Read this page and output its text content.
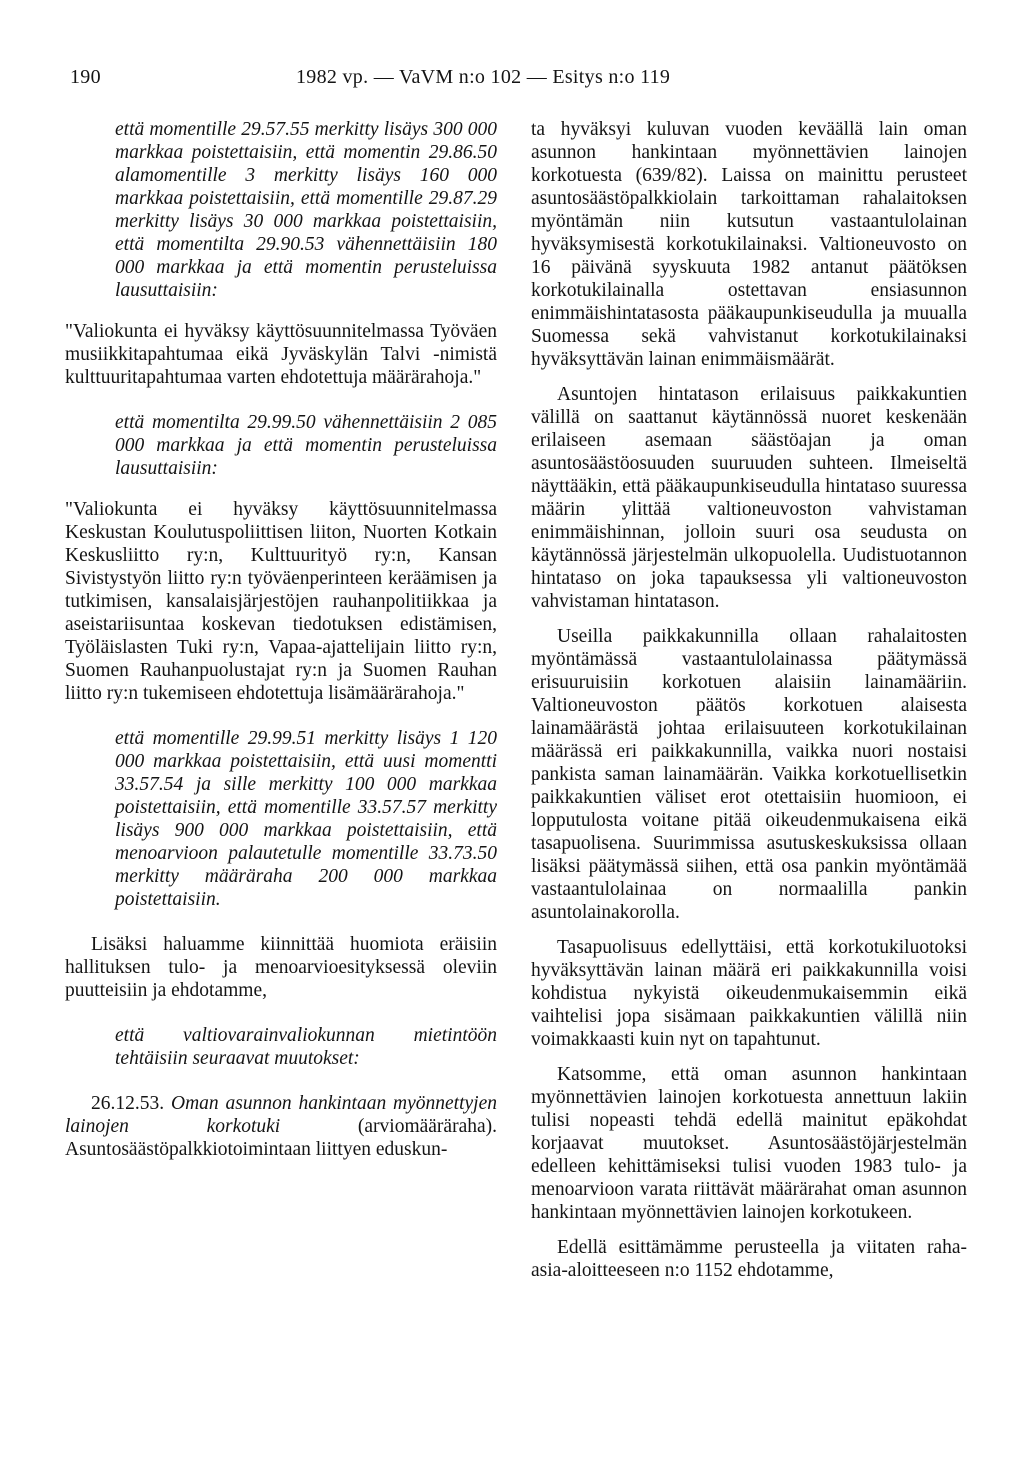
190	1982 vp. — VaVM n:o 102 — Esitys n:o 119

että momentille 29.57.55 merkitty lisäys 300 000 markkaa poistettaisiin, että momentin 29.86.50 alamomentille 3 merkitty lisäys 160 000 markkaa poistettaisiin, että momentille 29.87.29 merkitty lisäys 30 000 markkaa poistettaisiin, että momentilta 29.90.53 vähennettäisiin 180 000 markkaa ja että momentin perusteluissa lausuttaisiin:

"Valiokunta ei hyväksy käyttösuunnitelmassa Työväen musiikkitapahtumaa eikä Jyväskylän Talvi -nimistä kulttuuritapahtumaa varten ehdotettuja määrärahoja."

että momentilta 29.99.50 vähennettäisiin 2 085 000 markkaa ja että momentin perusteluissa lausuttaisiin:

"Valiokunta ei hyväksy käyttösuunnitelmassa Keskustan Koulutuspoliittisen liiton, Nuorten Kotkain Keskusliitto ry:n, Kulttuurityö ry:n, Kansan Sivistystyön liitto ry:n työväenperinteen keräämisen ja tutkimisen, kansalaisjärjestöjen rauhanpolitiikkaa ja aseistariisuntaa koskevan tiedotuksen edistämisen, Työläislasten Tuki ry:n, Vapaa-ajattelijain liitto ry:n, Suomen Rauhanpuolustajat ry:n ja Suomen Rauhan liitto ry:n tukemiseen ehdotettuja lisämäärärahoja."

että momentille 29.99.51 merkitty lisäys 1 120 000 markkaa poistettaisiin, että uusi momentti 33.57.54 ja sille merkitty 100 000 markkaa poistettaisiin, että momentille 33.57.57 merkitty lisäys 900 000 markkaa poistettaisiin, että menoarvioon palautetulle momentille 33.73.50 merkitty määräraha 200 000 markkaa poistettaisiin.

Lisäksi haluamme kiinnittää huomiota eräisiin hallituksen tulo- ja menoarvioesityksessä oleviin puutteisiin ja ehdotamme,

että valtiovarainvaliokunnan mietintöön tehtäisiin seuraavat muutokset:

26.12.53. Oman asunnon hankintaan myönnettyjen lainojen korkotuki	(arviomääräraha). Asuntosäästöpalkkiotoimintaan liittyen eduskun-

ta hyväksyi kuluvan vuoden keväällä lain oman asunnon hankintaan myönnettävien lainojen korkotuesta (639/82). Laissa on mainittu perusteet asuntosäästöpalkkiolain tarkoittaman rahalaitoksen myöntämän niin kutsutun vastaantulolainan hyväksymisestä korkotukilainaksi. Valtioneuvosto on 16 päivänä syyskuuta 1982 antanut päätöksen korkotukilainalla ostettavan ensiasunnon enimmäishintatasosta pääkaupunkiseudulla ja muualla Suomessa sekä vahvistanut korkotukilainaksi hyväksyttävän lainan enimmäismäärät.

Asuntojen hintatason erilaisuus paikkakuntien välillä on saattanut käytännössä nuoret keskenään erilaiseen asemaan säästöajan ja oman asuntosäästöosuuden suuruuden suhteen. Ilmeiseltä näyttääkin, että pääkaupunkiseudulla hintataso suuressa määrin ylittää valtioneuvoston vahvistaman enimmäishinnan, jolloin suuri osa seudusta on käytännössä järjestelmän ulkopuolella. Uudistuotannon hintataso on joka tapauksessa yli valtioneuvoston vahvistaman hintatason.

Useilla paikkakunnilla ollaan rahalaitosten myöntämässä vastaantulolainassa päätymässä erisuuruisiin korkotuen alaisiin lainamääriin. Valtioneuvoston päätös korkotuen alaisesta lainamäärästä johtaa erilaisuuteen korkotukilainan määrässä eri paikkakunnilla, vaikka nuori nostaisi pankista saman lainamäärän. Vaikka korkotuellisetkin paikkakuntien väliset erot otettaisiin huomioon, ei lopputulosta voitane pitää oikeudenmukaisena eikä tasapuolisena. Suurimmissa asutuskeskuksissa ollaan lisäksi päätymässä siihen, että osa pankin myöntämää vastaantulolainaa on normaalilla pankin asuntolainakorolla.

Tasapuolisuus edellyttäisi, että korkotukiluotoksi hyväksyttävän lainan määrä eri paikkakunnilla voisi kohdistua nykyistä oikeudenmukaisemmin eikä vaihtelisi jopa sisämaan paikkakuntien välillä niin voimakkaasti kuin nyt on tapahtunut.

Katsomme, että oman asunnon hankintaan myönnettävien lainojen korkotuesta annettuun lakiin tulisi nopeasti tehdä edellä mainitut epäkohdat korjaavat muutokset. Asuntosäästöjärjestelmän edelleen kehittämiseksi tulisi vuoden 1983 tulo- ja menoarvioon varata riittävät määrärahat oman asunnon hankintaan myönnettävien lainojen korkotukeen.

Edellä esittämämme perusteella ja viitaten raha-asia-aloitteeseen n:o 1152 ehdotamme,
